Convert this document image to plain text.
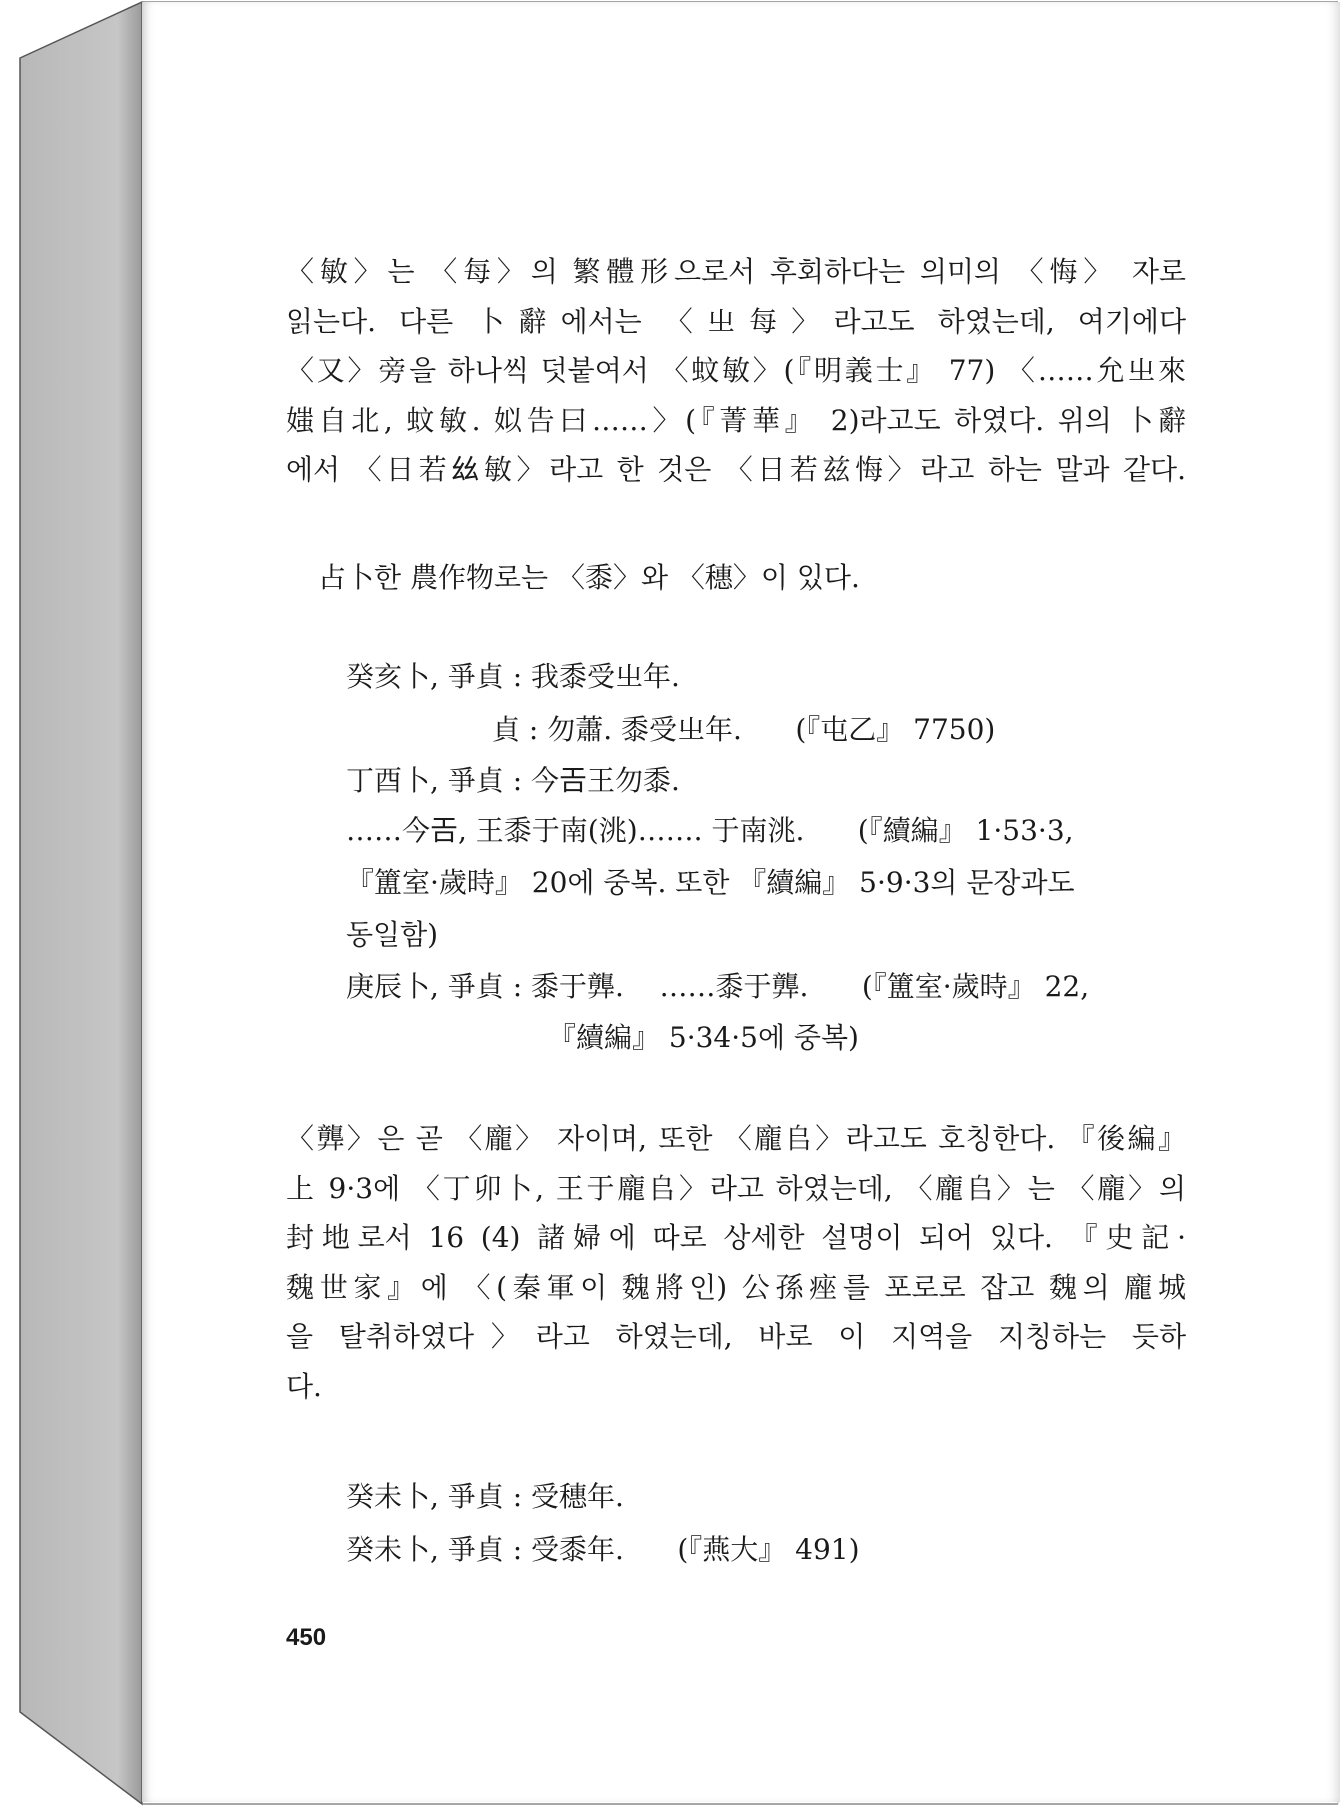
〈敏〉는 〈每〉의 繁體形으로서 후회하다는 의미의 〈悔〉 자로
읽는다. 다른 卜辭에서는 〈㞢每〉라고도 하였는데, 여기에다
〈又〉旁을 하나씩 덧붙여서 〈蚊敏〉(『明義士』 77) 〈……允㞢來
媸自北, 蚊敏. 姒告曰……〉(『菁華』 2)라고도 하였다. 위의 卜辭
에서 〈日若𢆶敏〉라고 한 것은 〈日若兹悔〉라고 하는 말과 같다.
占卜한 農作物로는 〈黍〉와 〈穗〉이 있다.
癸亥卜, 爭貞 : 我黍受㞢年.
貞 : 勿蕭. 黍受㞢年.      (『屯乙』 7750)
丁酉卜, 爭貞 : 今𢀛王勿黍.
……今𢀛, 王黍于南(洮)……. 于南洮.      (『續編』 1·53·3,
『簠室·歲時』 20에 중복. 또한 『續編』 5·9·3의 문장과도
동일함)
庚辰卜, 爭貞 : 黍于龏.    ……黍于龏.      (『簠室·歲時』 22,
『續編』 5·34·5에 중복)
〈龏〉은 곧 〈龐〉 자이며, 또한 〈龐𠂤〉라고도 호칭한다. 『後編』
上 9·3에 〈丁卯卜, 王于龐𠂤〉라고 하였는데, 〈龐𠂤〉는 〈龐〉의
封地로서 16 (4) 諸婦에 따로 상세한 설명이 되어 있다. 『史記·
魏世家』에 〈(秦軍이 魏將인) 公孫痤를 포로로 잡고 魏의 龐城
을 탈취하였다〉라고 하였는데, 바로 이 지역을 지칭하는 듯하
다.
癸未卜, 爭貞 : 受穗年.
癸未卜, 爭貞 : 受黍年.      (『燕大』 491)
450
